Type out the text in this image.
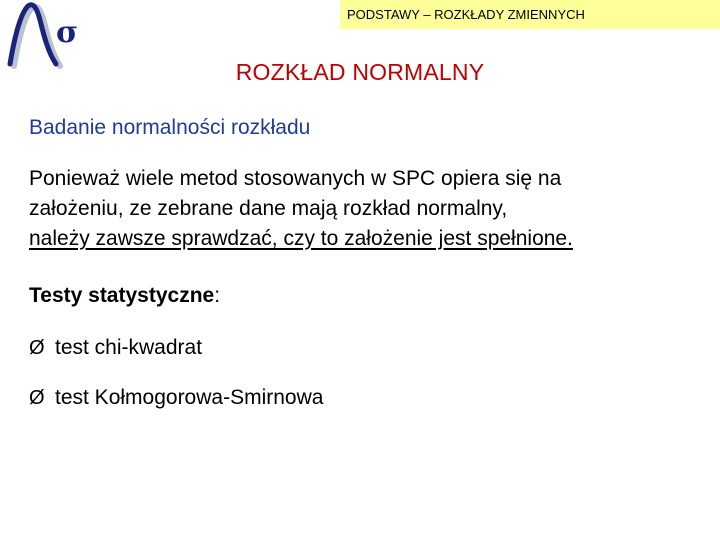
σ
PODSTAWY – ROZKŁADY ZMIENNYCH
ROZKŁAD NORMALNY
Badanie normalności rozkładu
Ponieważ wiele metod stosowanych w SPC opiera się na
założeniu, ze zebrane dane mają rozkład normalny,
należy zawsze sprawdzać, czy to założenie jest spełnione.
Testy statystyczne:
Ø test chi-kwadrat
Ø test Kołmogorowa-Smirnowa
